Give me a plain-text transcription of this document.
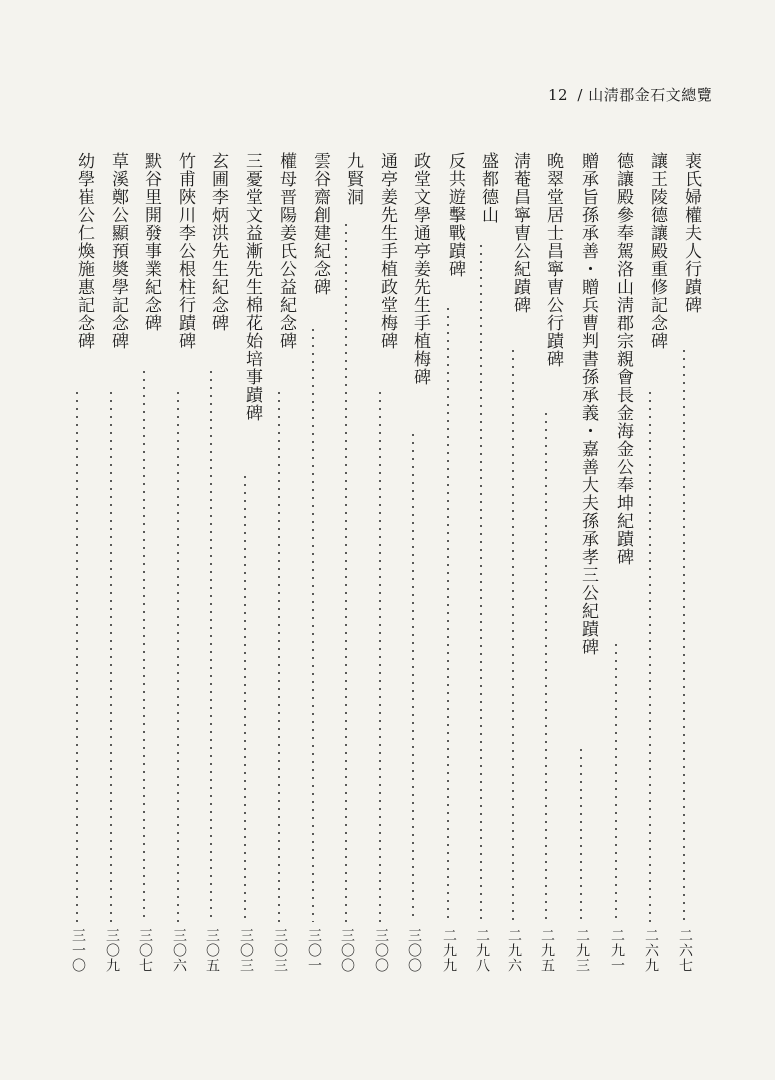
12 / 山淸郡金石文總覽
裵氏婦權夫人行蹟碑
二六七
讓王陵德讓殿重修記念碑
二六九
德讓殿參奉駕洛山淸郡宗親會長金海金公奉坤紀蹟碑
二九一
贈承旨孫承善・贈兵曹判書孫承義・嘉善大夫孫承孝三公紀蹟碑
二九三
晩翠堂居士昌寧曺公行蹟碑
二九五
淸菴昌寧曺公紀蹟碑
二九六
盛都德山
二九八
反共遊擊戰蹟碑
二九九
政堂文學通亭姜先生手植梅碑
三〇〇
通亭姜先生手植政堂梅碑
三〇〇
九賢洞
三〇〇
雲谷齋創建紀念碑
三〇一
權母晋陽姜氏公益紀念碑
三〇三
三憂堂文益漸先生棉花始培事蹟碑
三〇三
玄圃李炳洪先生紀念碑
三〇五
竹甫陜川李公根柱行蹟碑
三〇六
默谷里開發事業紀念碑
三〇七
草溪鄭公顯預奬學記念碑
三〇九
幼學崔公仁煥施惠記念碑
三一〇
